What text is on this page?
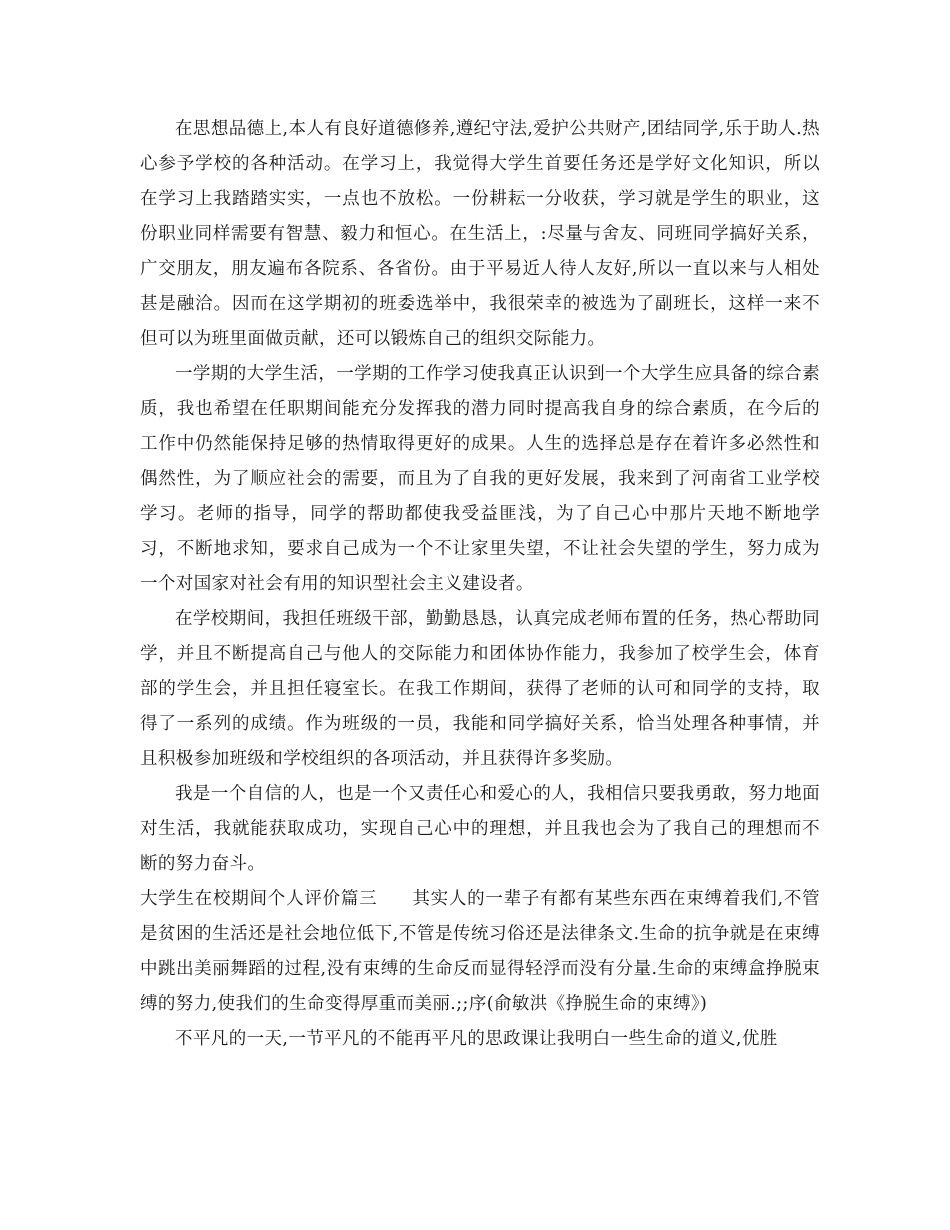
在思想品德上,本人有良好道德修养,遵纪守法,爱护公共财产,团结同学,乐于助人.热心参予学校的各种活动。在学习上，我觉得大学生首要任务还是学好文化知识，所以在学习上我踏踏实实，一点也不放松。一份耕耘一分收获，学习就是学生的职业，这份职业同样需要有智慧、毅力和恒心。在生活上，:尽量与舍友、同班同学搞好关系，广交朋友，朋友遍布各院系、各省份。由于平易近人待人友好,所以一直以来与人相处甚是融洽。因而在这学期初的班委选举中，我很荣幸的被选为了副班长，这样一来不但可以为班里面做贡献，还可以锻炼自己的组织交际能力。

一学期的大学生活，一学期的工作学习使我真正认识到一个大学生应具备的综合素质，我也希望在任职期间能充分发挥我的潜力同时提高我自身的综合素质，在今后的工作中仍然能保持足够的热情取得更好的成果。人生的选择总是存在着许多必然性和偶然性，为了顺应社会的需要，而且为了自我的更好发展，我来到了河南省工业学校学习。老师的指导，同学的帮助都使我受益匪浅，为了自己心中那片天地不断地学习，不断地求知，要求自己成为一个不让家里失望，不让社会失望的学生，努力成为一个对国家对社会有用的知识型社会主义建设者。

在学校期间，我担任班级干部，勤勤恳恳，认真完成老师布置的任务，热心帮助同学，并且不断提高自己与他人的交际能力和团体协作能力，我参加了校学生会，体育部的学生会，并且担任寝室长。在我工作期间，获得了老师的认可和同学的支持，取得了一系列的成绩。作为班级的一员，我能和同学搞好关系，恰当处理各种事情，并且积极参加班级和学校组织的各项活动，并且获得许多奖励。

我是一个自信的人，也是一个又责任心和爱心的人，我相信只要我勇敢，努力地面对生活，我就能获取成功，实现自己心中的理想，并且我也会为了我自己的理想而不断的努力奋斗。

大学生在校期间个人评价篇三 其实人的一辈子有都有某些东西在束缚着我们,不管是贫困的生活还是社会地位低下,不管是传统习俗还是法律条文.生命的抗争就是在束缚中跳出美丽舞蹈的过程,没有束缚的生命反而显得轻浮而没有分量.生命的束缚盒挣脱束缚的努力,使我们的生命变得厚重而美丽.;;序(俞敏洪《挣脱生命的束缚》)

不平凡的一天,一节平凡的不能再平凡的思政课让我明白一些生命的道义,优胜
